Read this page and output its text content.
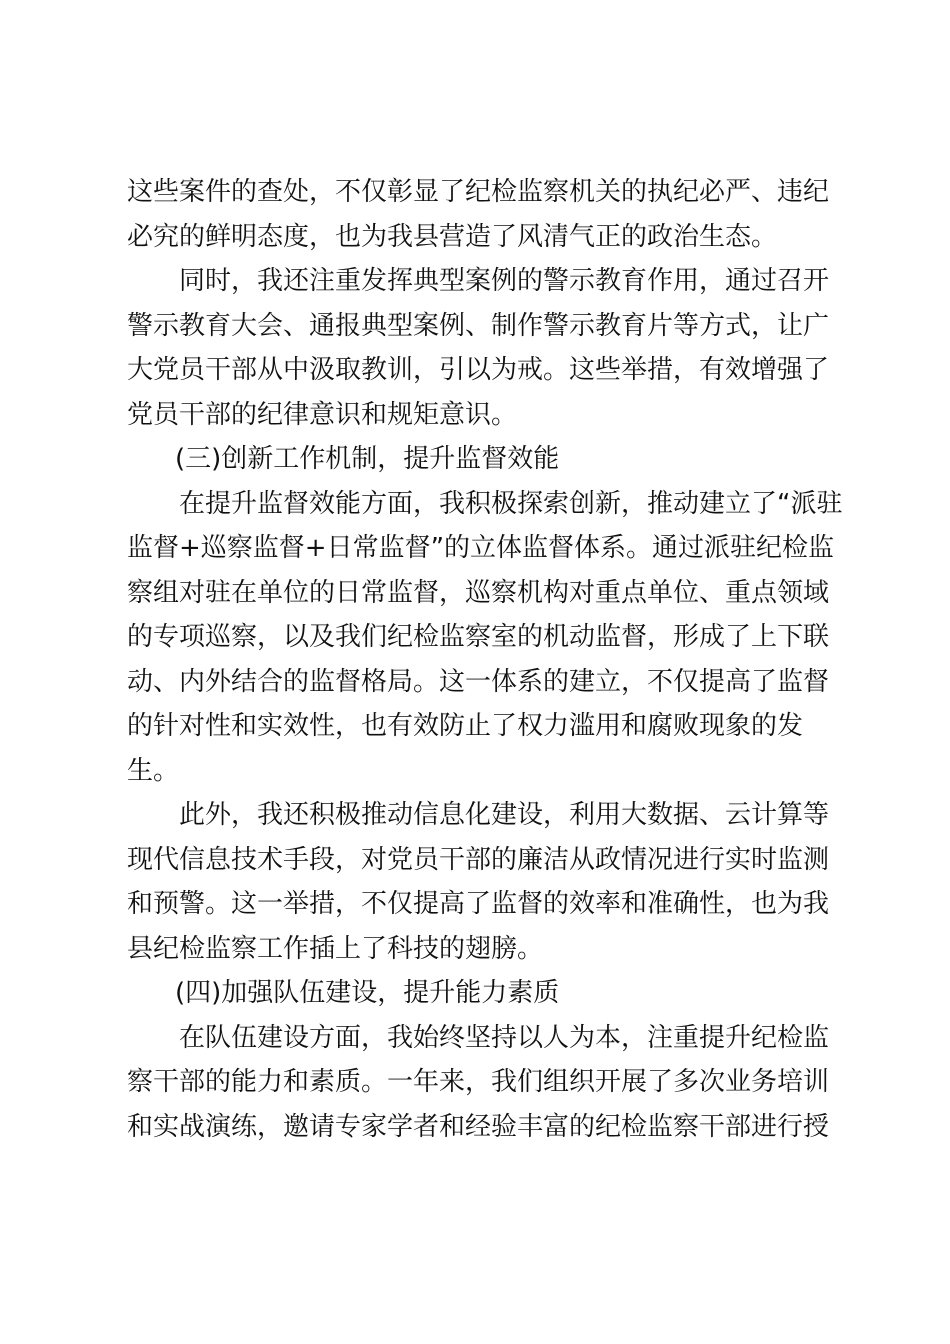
这些案件的查处，不仅彰显了纪检监察机关的执纪必严、违纪
必究的鲜明态度，也为我县营造了风清气正的政治生态。

同时，我还注重发挥典型案例的警示教育作用，通过召开
警示教育大会、通报典型案例、制作警示教育片等方式，让广
大党员干部从中汲取教训，引以为戒。这些举措，有效增强了
党员干部的纪律意识和规矩意识。

(三)创新工作机制，提升监督效能

在提升监督效能方面，我积极探索创新，推动建立了“派驻
监督+巡察监督+日常监督”的立体监督体系。通过派驻纪检监
察组对驻在单位的日常监督，巡察机构对重点单位、重点领域
的专项巡察，以及我们纪检监察室的机动监督，形成了上下联
动、内外结合的监督格局。这一体系的建立，不仅提高了监督
的针对性和实效性，也有效防止了权力滥用和腐败现象的发
生。

此外，我还积极推动信息化建设，利用大数据、云计算等
现代信息技术手段，对党员干部的廉洁从政情况进行实时监测
和预警。这一举措，不仅提高了监督的效率和准确性，也为我
县纪检监察工作插上了科技的翅膀。

(四)加强队伍建设，提升能力素质

在队伍建设方面，我始终坚持以人为本，注重提升纪检监
察干部的能力和素质。一年来，我们组织开展了多次业务培训
和实战演练，邀请专家学者和经验丰富的纪检监察干部进行授
